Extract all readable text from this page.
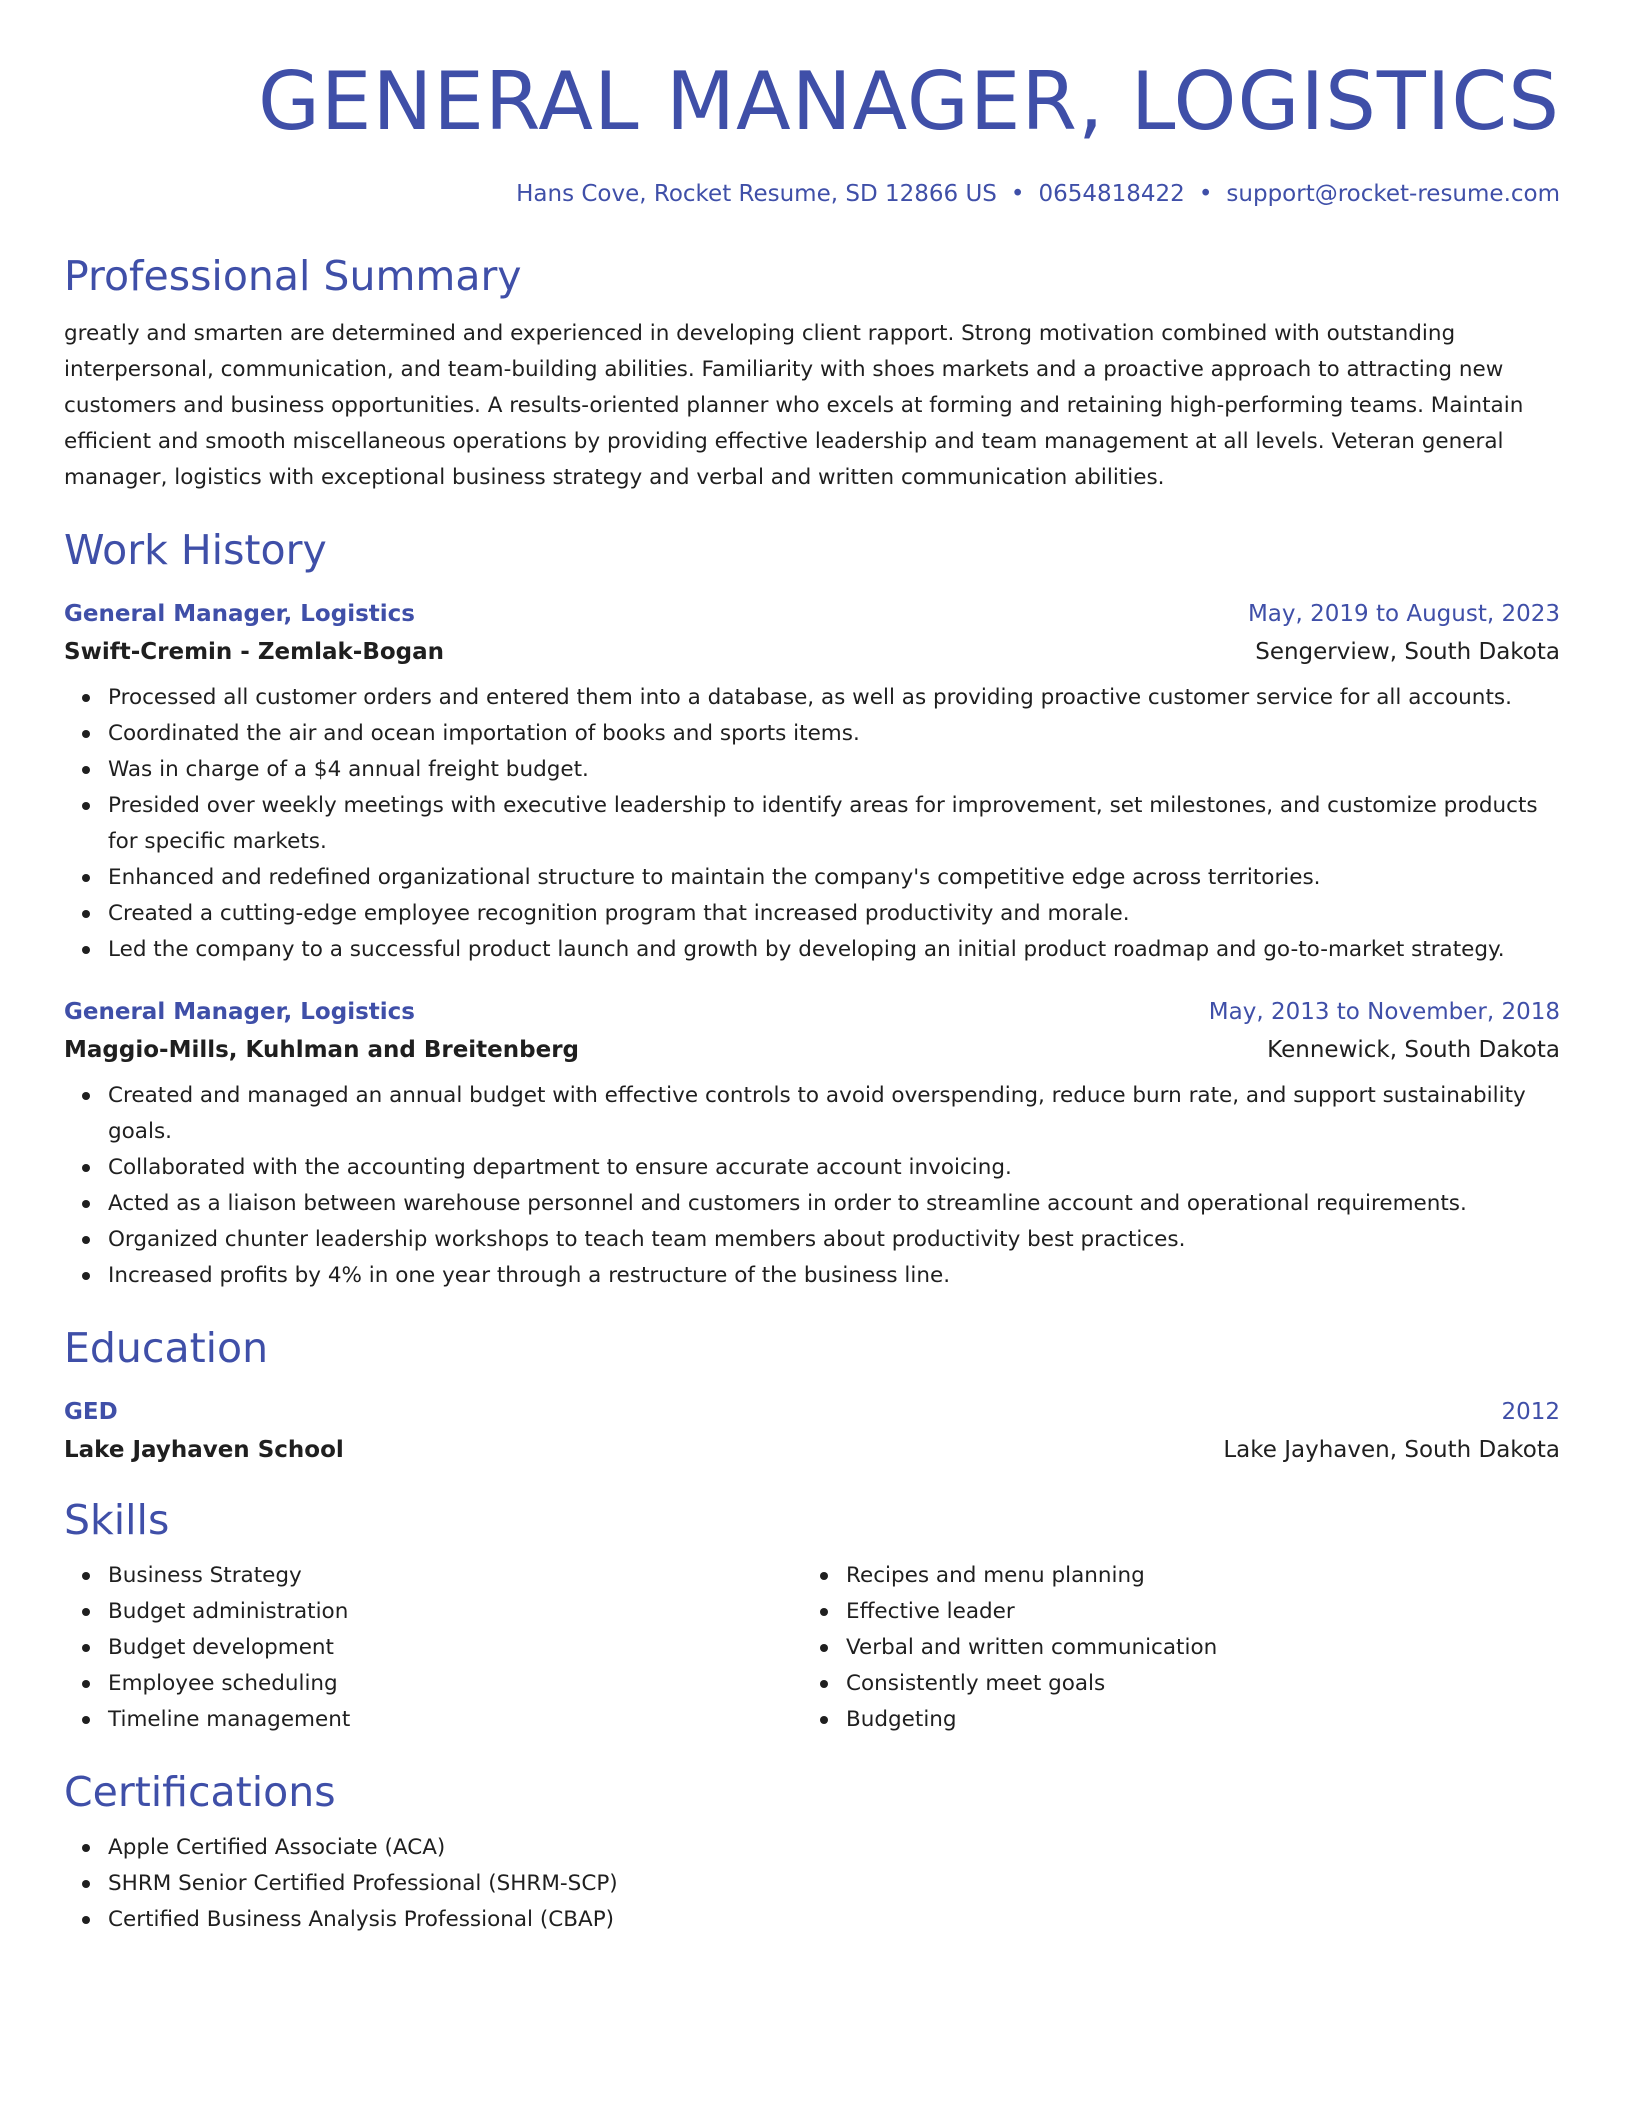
GENERAL MANAGER, LOGISTICS
Hans Cove, Rocket Resume, SD 12866 US • 0654818422 • support@rocket-resume.com
Professional Summary

greatly and smarten are determined and experienced in developing client rapport. Strong motivation combined with outstanding interpersonal, communication, and team-building abilities. Familiarity with shoes markets and a proactive approach to attracting new customers and business opportunities. A results-oriented planner who excels at forming and retaining high-performing teams. Maintain efficient and smooth miscellaneous operations by providing effective leadership and team management at all levels. Veteran general manager, logistics with exceptional business strategy and verbal and written communication abilities.

Work History
General Manager, Logistics	May, 2019 to August, 2023
Swift-Cremin - Zemlak-Bogan	Sengerview, South Dakota
Processed all customer orders and entered them into a database, as well as providing proactive customer service for all accounts.
Coordinated the air and ocean importation of books and sports items.
Was in charge of a $4 annual freight budget.
Presided over weekly meetings with executive leadership to identify areas for improvement, set milestones, and customize products for specific markets.
Enhanced and redefined organizational structure to maintain the company's competitive edge across territories.
Created a cutting-edge employee recognition program that increased productivity and morale.
Led the company to a successful product launch and growth by developing an initial product roadmap and go-to-market strategy.
General Manager, Logistics	May, 2013 to November, 2018
Maggio-Mills, Kuhlman and Breitenberg	Kennewick, South Dakota
Created and managed an annual budget with effective controls to avoid overspending, reduce burn rate, and support sustainability goals.
Collaborated with the accounting department to ensure accurate account invoicing.
Acted as a liaison between warehouse personnel and customers in order to streamline account and operational requirements.
Organized chunter leadership workshops to teach team members about productivity best practices.
Increased profits by 4% in one year through a restructure of the business line.
Education
GED	2012
Lake Jayhaven School	Lake Jayhaven, South Dakota
Skills
Business Strategy
Budget administration
Budget development
Employee scheduling
Timeline management
Recipes and menu planning
Effective leader
Verbal and written communication
Consistently meet goals
Budgeting
Certifications
Apple Certified Associate (ACA)
SHRM Senior Certified Professional (SHRM-SCP)
Certified Business Analysis Professional (CBAP)
